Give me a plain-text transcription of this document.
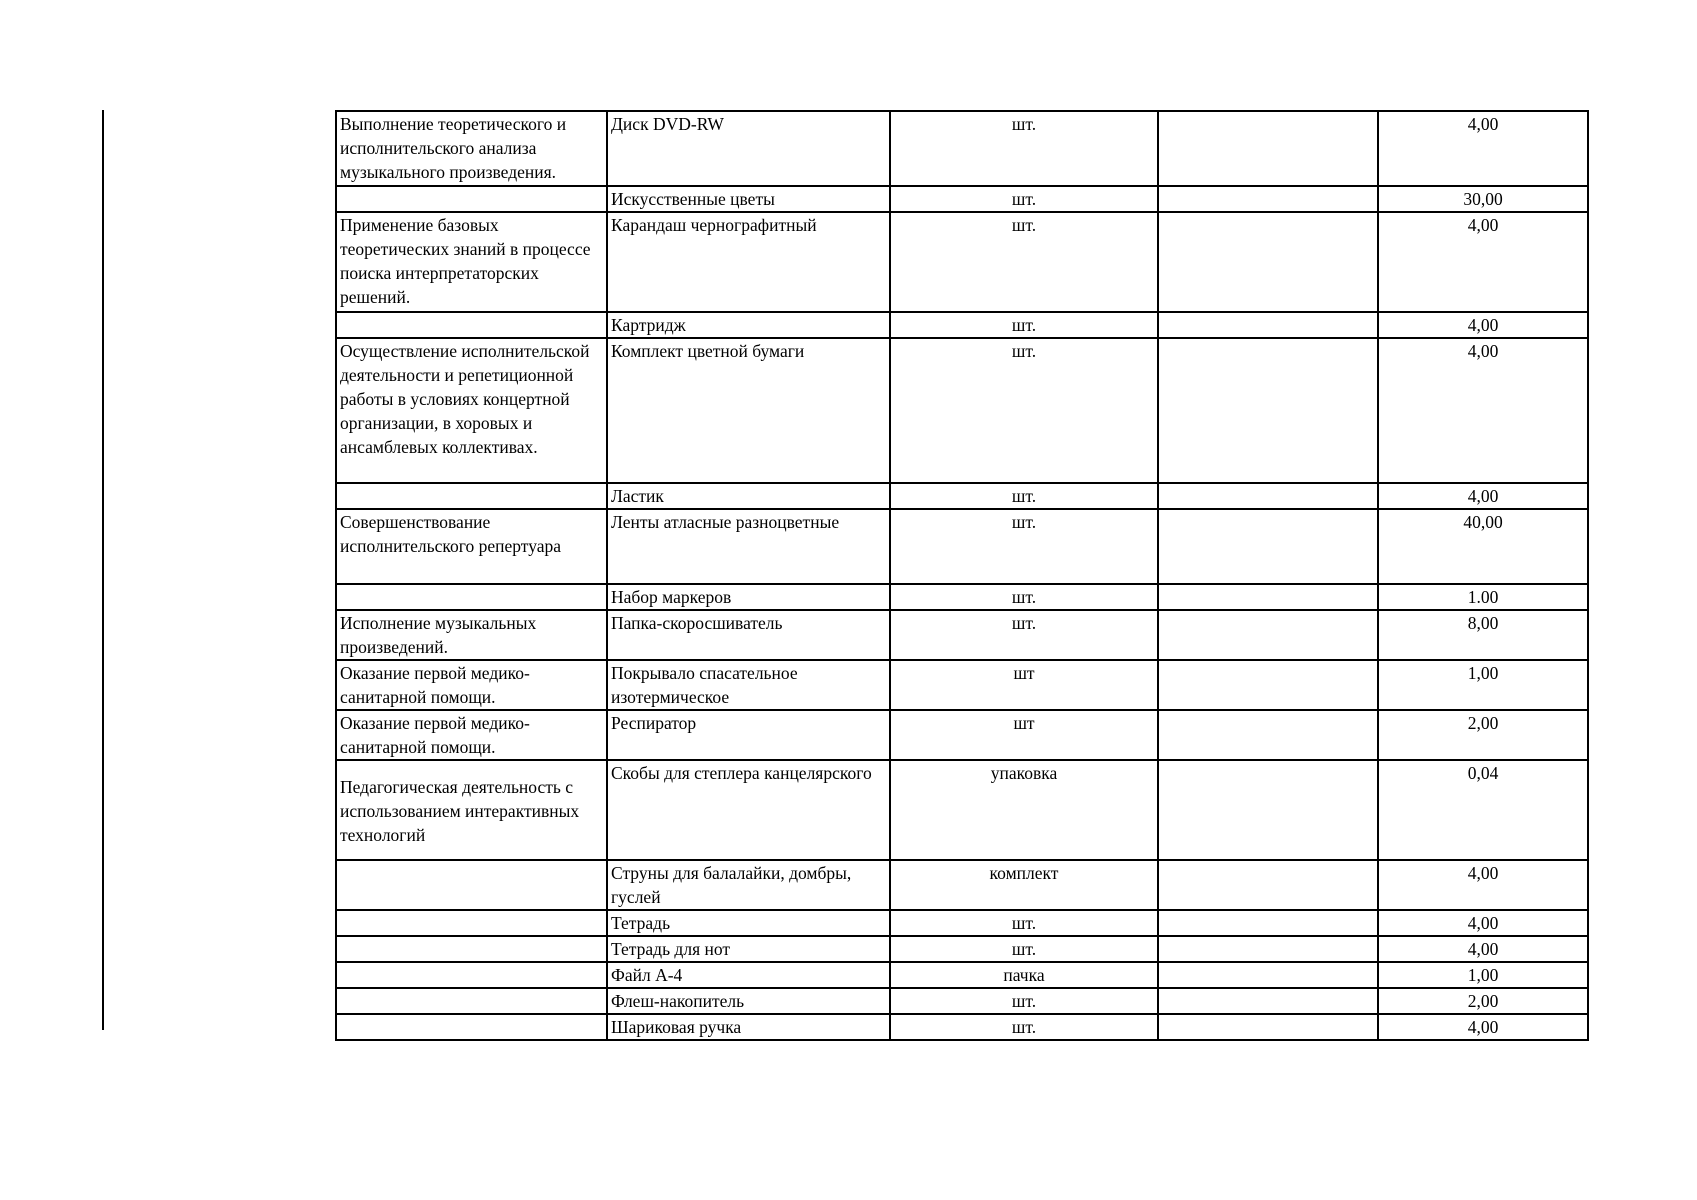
Выполнение теоретического и исполнительского анализа музыкального произведения.	Диск DVD-RW	шт.		4,00
	Искусственные цветы	шт.		30,00
Применение базовых теоретических знаний в процессе поиска интерпретаторских решений.	Карандаш чернографитный	шт.		4,00
	Картридж	шт.		4,00
Осуществление исполнительской деятельности и репетиционной работы в условиях концертной организации, в хоровых и ансамблевых коллективах.	Комплект цветной бумаги	шт.		4,00
	Ластик	шт.		4,00
Совершенствование исполнительского репертуара	Ленты атласные разноцветные	шт.		40,00
	Набор маркеров	шт.		1.00
Исполнение музыкальных произведений.	Папка-скоросшиватель	шт.		8,00
Оказание первой медико-санитарной помощи.	Покрывало спасательное изотермическое	шт		1,00
Оказание первой медико-санитарной помощи.	Респиратор	шт		2,00
Педагогическая деятельность с использованием интерактивных технологий	Скобы для степлера канцелярского	упаковка		0,04
	Струны для балалайки, домбры, гуслей	комплект		4,00
	Тетрадь	шт.		4,00
	Тетрадь для нот	шт.		4,00
	Файл А-4	пачка		1,00
	Флеш-накопитель	шт.		2,00
	Шариковая ручка	шт.		4,00
